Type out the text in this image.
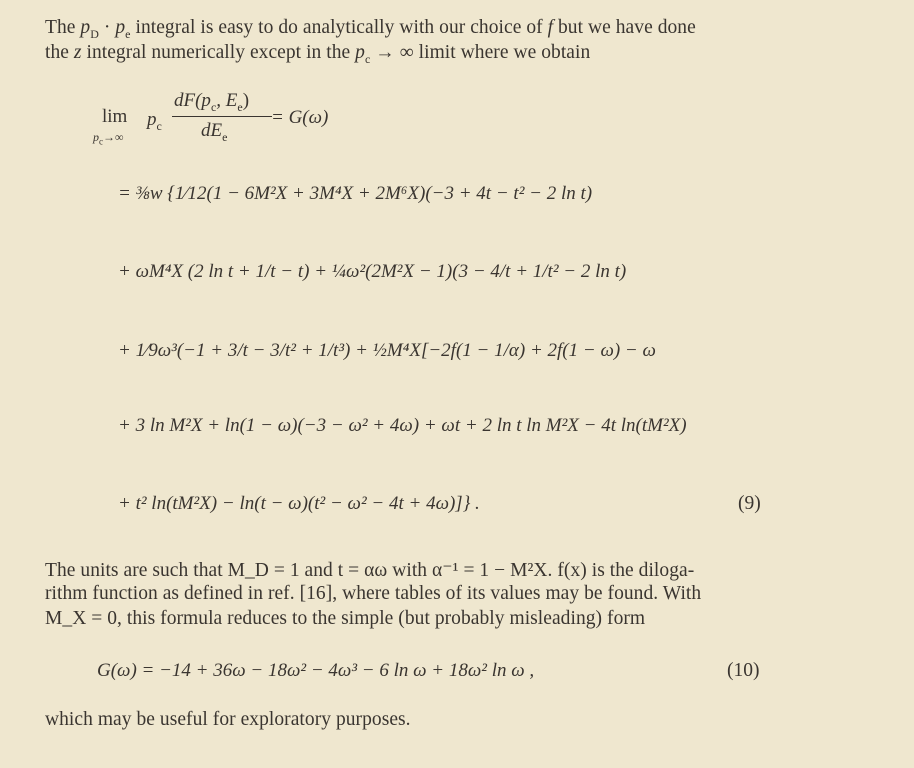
The $p_D \cdot p_e$ integral is easy to do analytically with our choice of f but we have done
the z integral numerically except in the $p_c$ → ∞ limit where we obtain
lim
$p_c\to\infty$
$p_c$
$dF(p_c$, $E_e$)
$dE_e$
= G(ω)
= ⅜w {1⁄12(1 − 6M²X + 3M⁴X + 2M⁶X)(−3 + 4t − t² − 2 ln t)
+ ωM⁴X (2 ln t + 1/t − t) + ¼ω²(2M²X − 1)(3 − 4/t + 1/t² − 2 ln t)
+ 1⁄9ω³(−1 + 3/t − 3/t² + 1/t³) + ½M⁴X[−2f(1 − 1/α) + 2f(1 − ω) − ω
+ 3 ln M²X + ln(1 − ω)(−3 − ω² + 4ω) + ωt + 2 ln t ln M²X − 4t ln(tM²X)
+ t² ln(tM²X) − ln(t − ω)(t² − ω² − 4t + 4ω)]} .	(9)
The units are such that M_D = 1 and t = αω with α⁻¹ = 1 − M²X. f(x) is the diloga-
rithm function as defined in ref. [16], where tables of its values may be found. With
M_X = 0, this formula reduces to the simple (but probably misleading) form
G(ω) = −14 + 36ω − 18ω² − 4ω³ − 6 ln ω + 18ω² ln ω ,	(10)
which may be useful for exploratory purposes.
